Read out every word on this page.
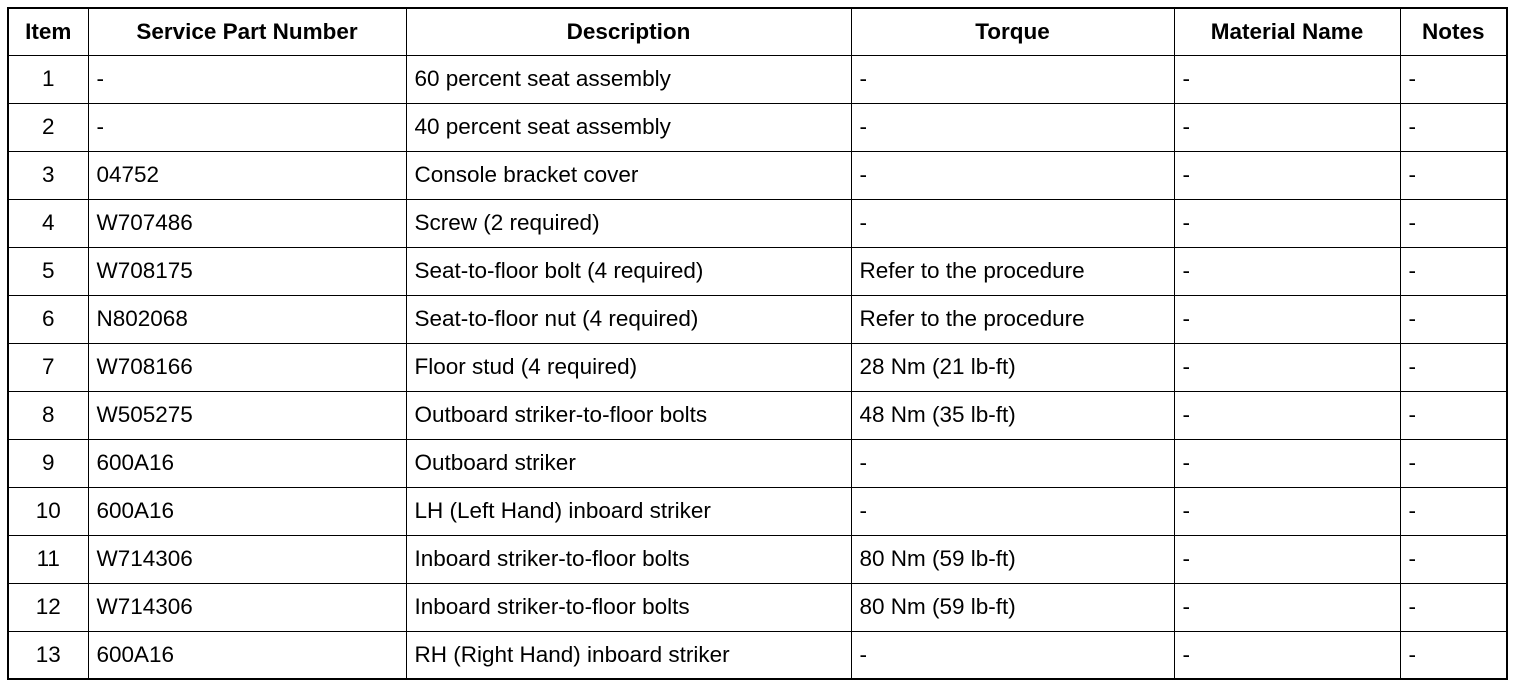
Item	Service Part Number	Description	Torque	Material Name	Notes
1	-	60 percent seat assembly	-	-	-
2	-	40 percent seat assembly	-	-	-
3	04752	Console bracket cover	-	-	-
4	W707486	Screw (2 required)	-	-	-
5	W708175	Seat-to-floor bolt (4 required)	Refer to the procedure	-	-
6	N802068	Seat-to-floor nut (4 required)	Refer to the procedure	-	-
7	W708166	Floor stud (4 required)	28 Nm (21 lb-ft)	-	-
8	W505275	Outboard striker-to-floor bolts	48 Nm (35 lb-ft)	-	-
9	600A16	Outboard striker	-	-	-
10	600A16	LH (Left Hand) inboard striker	-	-	-
11	W714306	Inboard striker-to-floor bolts	80 Nm (59 lb-ft)	-	-
12	W714306	Inboard striker-to-floor bolts	80 Nm (59 lb-ft)	-	-
13	600A16	RH (Right Hand) inboard striker	-	-	-
